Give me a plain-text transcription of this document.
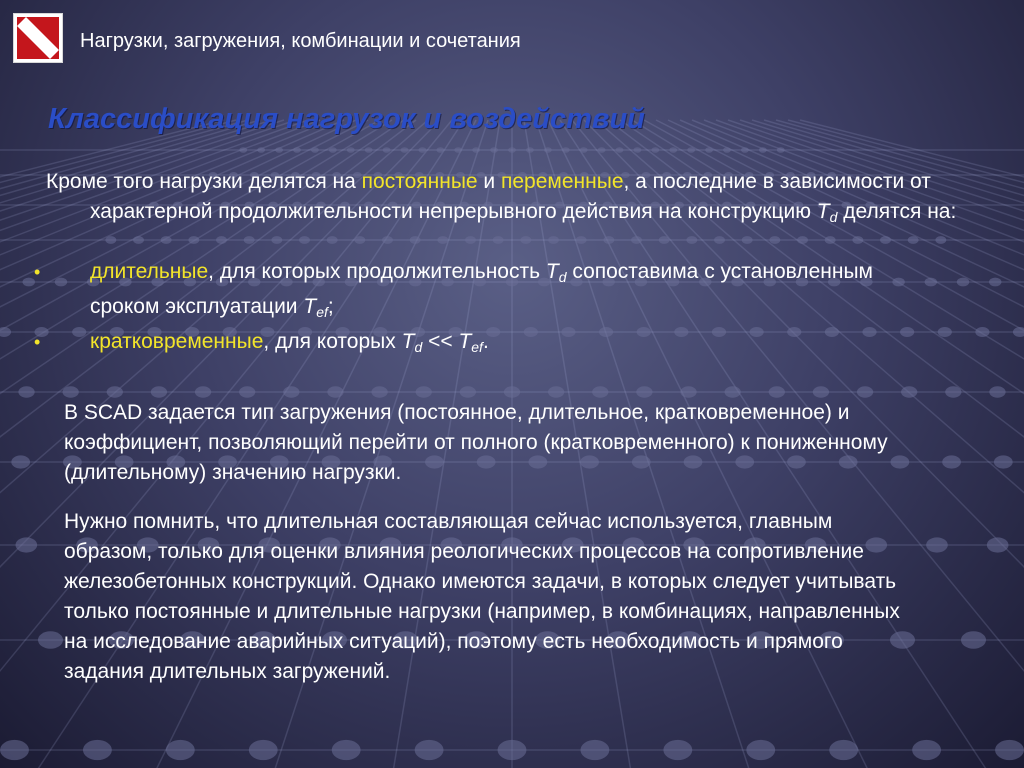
Нагрузки, загружения, комбинации и сочетания
Классификация нагрузок и воздействий
Кроме того нагрузки делятся на постоянные и переменные, а последние в зависимости от характерной продолжительности непрерывного действия на конструкцию $T_d$ делятся на:
• длительные, для которых продолжительность $T_d$ сопоставима с установленным сроком эксплуатации $T_{ef}$;
• кратковременные, для которых $T_d << T_{ef}$.
В SCAD задается тип загружения (постоянное, длительное, кратковременное) и коэффициент, позволяющий перейти от полного (кратковременного) к пониженному (длительному) значению нагрузки.
Нужно помнить, что длительная составляющая сейчас используется, главным образом, только для оценки влияния реологических процессов на сопротивление железобетонных конструкций. Однако имеются задачи, в которых следует учитывать только постоянные и длительные нагрузки (например, в комбинациях, направленных на исследование аварийных ситуаций), поэтому есть необходимость и прямого задания длительных загружений.
